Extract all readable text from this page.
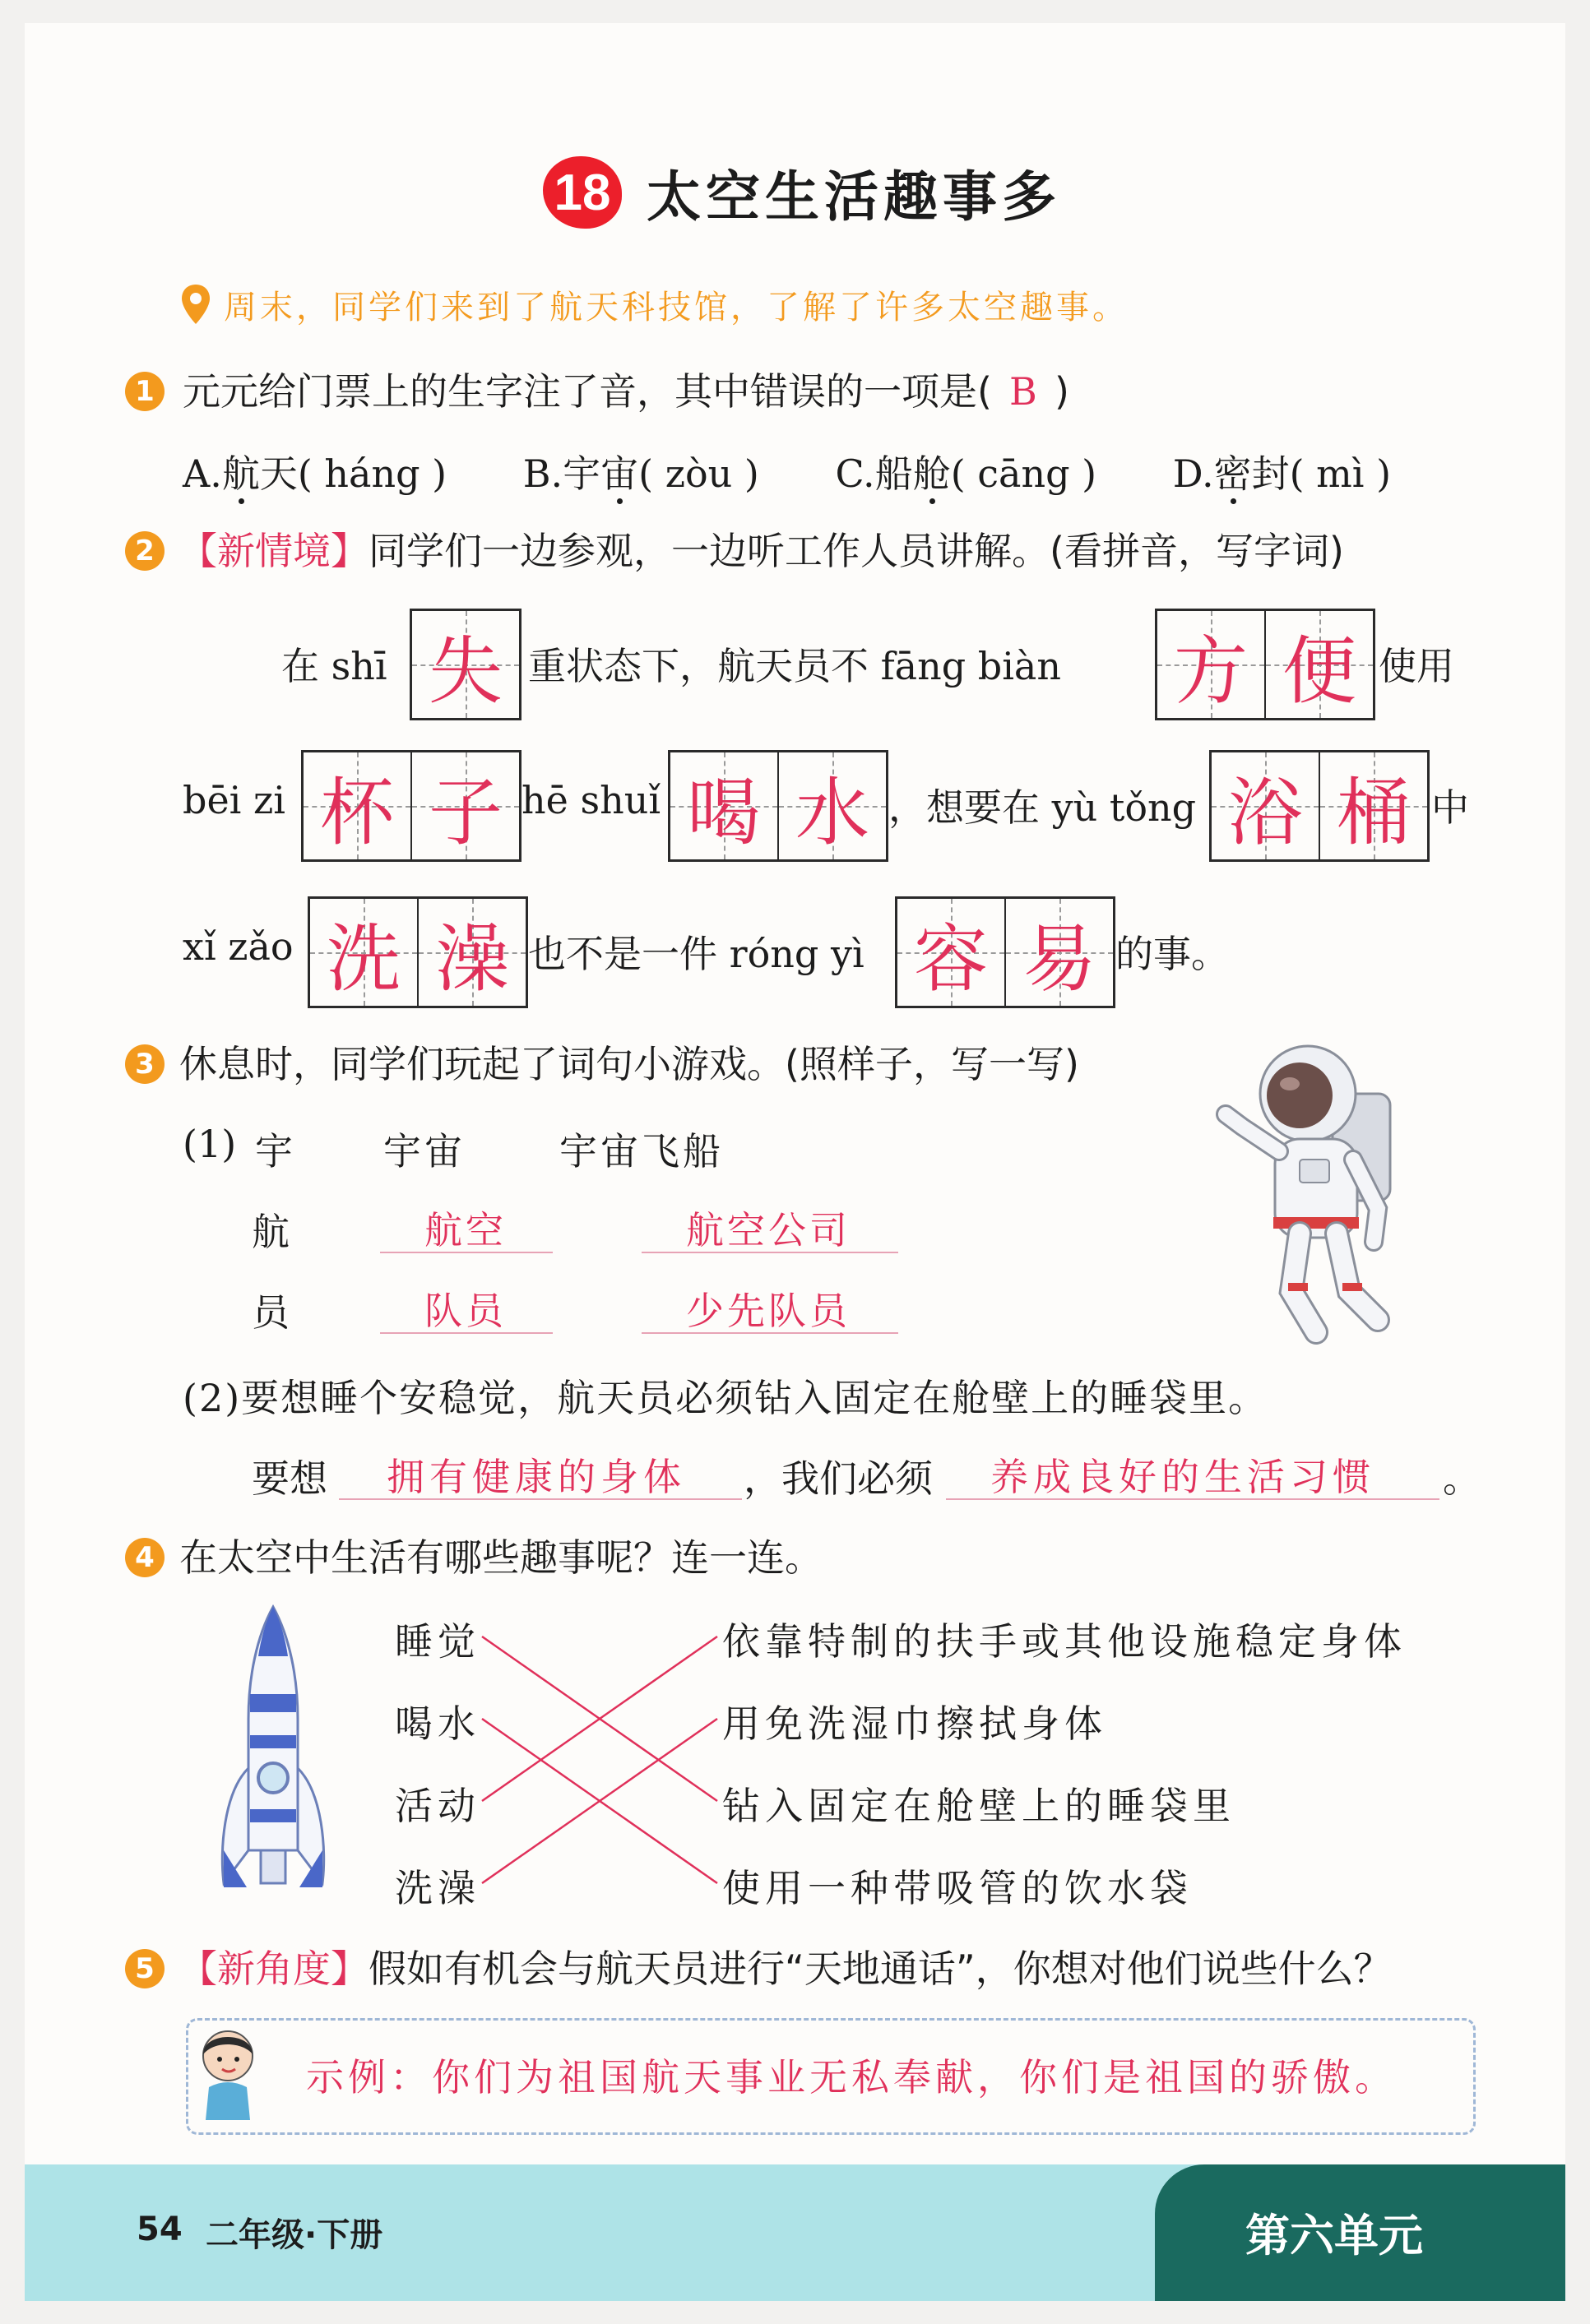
18 太空生活趣事多
周末，同学们来到了航天科技馆，了解了许多太空趣事。
1 元元给门票上的生字注了音，其中错误的一项是( B )
A.航天( háng ) B.宇宙( zòu ) C.船舱( cāng ) D.密封( mì )
2 【新情境】同学们一边参观，一边听工作人员讲解。(看拼音，写字词)
在 shī 失 重状态下，航天员不 fāng biàn 方 便 使用
bēi zi 杯 子 hē shuǐ 喝 水 ，想要在 yù tǒng 浴 桶 中
xǐ zǎo 洗 澡 也不是一件 róng yì 容 易 的事。
3 休息时，同学们玩起了词句小游戏。(照样子，写一写)
(1) 宇 宇宙 宇宙飞船
航	航空	航空公司
员	队员	少先队员
(2)要想睡个安稳觉，航天员必须钻入固定在舱壁上的睡袋里。
要想 拥有健康的身体 ，我们必须 养成良好的生活习惯 。
4 在太空中生活有哪些趣事呢？连一连。
睡觉
喝水
活动
洗澡
依靠特制的扶手或其他设施稳定身体
用免洗湿巾擦拭身体
钻入固定在舱壁上的睡袋里
使用一种带吸管的饮水袋
5 【新角度】假如有机会与航天员进行“天地通话”，你想对他们说些什么？
示例：你们为祖国航天事业无私奉献，你们是祖国的骄傲。
54 二年级·下册	第六单元
